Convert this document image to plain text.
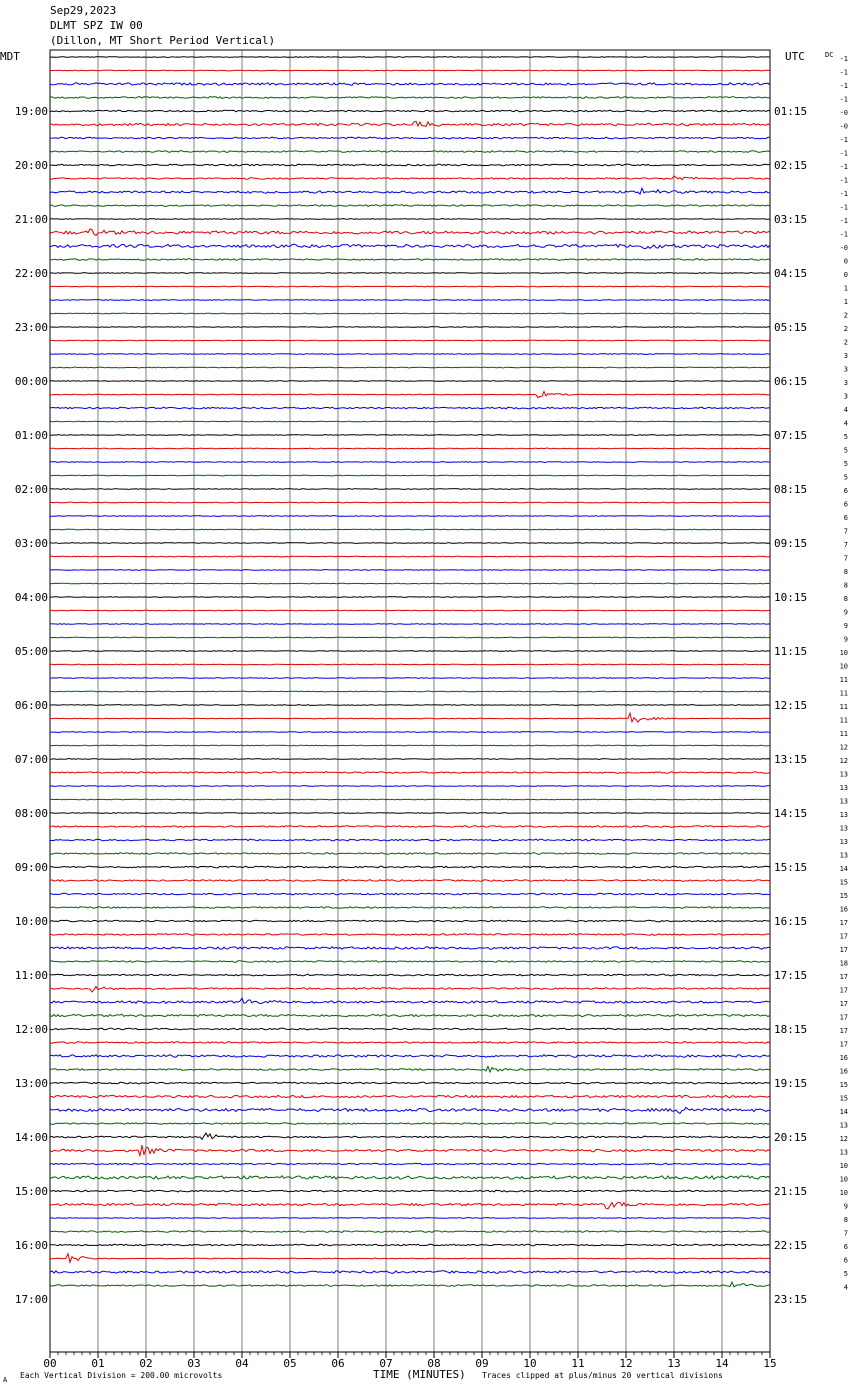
Sep29,2023
DLMT SPZ IW 00
(Dillon, MT Short Period Vertical)
19:00
20:00
21:00
22:00
23:00
00:00
01:00
02:00
03:00
04:00
05:00
06:00
07:00
08:00
09:00
10:00
11:00
12:00
13:00
14:00
15:00
16:00
17:00
01:15
02:15
03:15
04:15
05:15
06:15
07:15
08:15
09:15
10:15
11:15
12:15
13:15
14:15
15:15
16:15
17:15
18:15
19:15
20:15
21:15
22:15
23:15
-1
-1
-1
-1
-0
-0
-1
-1
-1
-1
-1
-1
-1
-1
-0
0
0
1
1
2
2
2
3
3
3
3
4
4
5
5
5
5
6
6
6
7
7
7
8
8
8
9
9
9
10
10
11
11
11
11
11
12
12
13
13
13
13
13
13
13
14
15
15
16
17
17
17
18
17
17
17
17
17
17
16
16
15
15
14
13
12
13
10
10
10
9
8
7
6
6
5
4
00	01	02	03	04	05	06	07	08	09	10	11	12	13	14	15
MDT	UTC	DC
A Each Vertical Division = 200.00 microvolts	TIME (MINUTES) Traces clipped at plus/minus 20 vertical divisions
